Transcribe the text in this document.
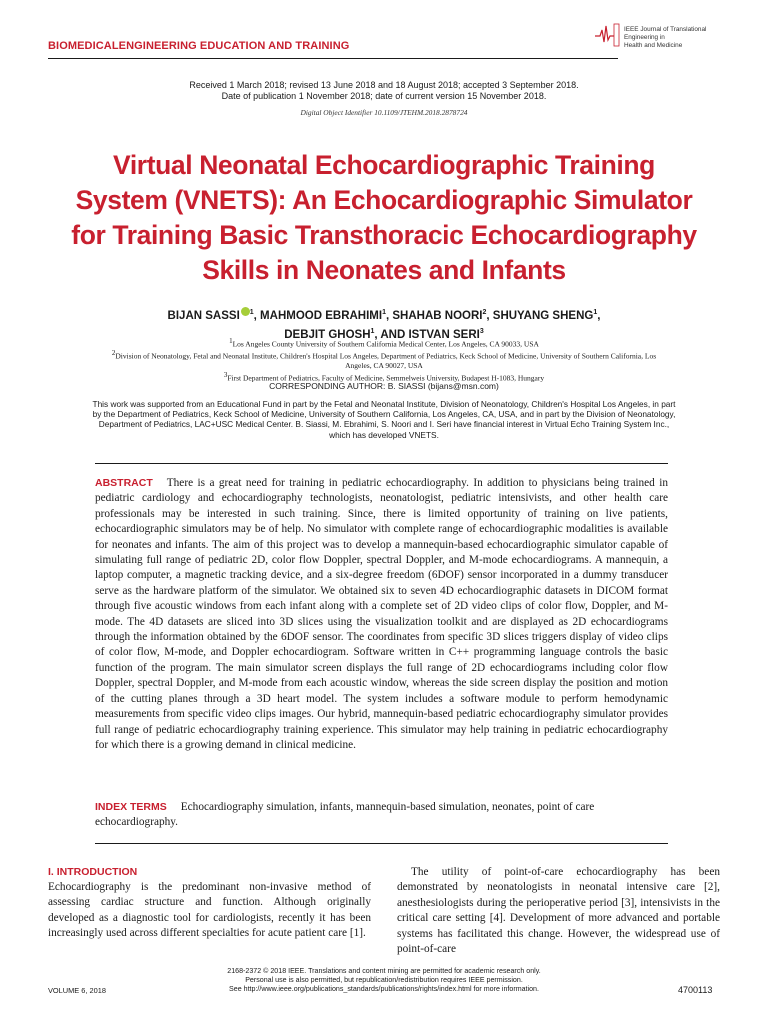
BIOMEDICALENGINEERING EDUCATION AND TRAINING
IEEE Journal of Translational
Engineering in
Health and Medicine
Received 1 March 2018; revised 13 June 2018 and 18 August 2018; accepted 3 September 2018.
Date of publication 1 November 2018; date of current version 15 November 2018.
Digital Object Identifier 10.1109/JTEHM.2018.2878724
Virtual Neonatal Echocardiographic Training System (VNETS): An Echocardiographic Simulator for Training Basic Transthoracic Echocardiography Skills in Neonates and Infants
BIJAN SASSI $^1$, MAHMOOD EBRAHIMI$^1$, SHAHAB NOORI$^2$, SHUYANG SHENG$^1$,
DEBJIT GHOSH$^1$, AND ISTVAN SERI$^3$
$^1$Los Angeles County University of Southern California Medical Center, Los Angeles, CA 90033, USA
$^2$Division of Neonatology, Fetal and Neonatal Institute, Children's Hospital Los Angeles, Department of Pediatrics, Keck School of Medicine, University of Southern California, Los Angeles, CA 90027, USA
$^3$First Department of Pediatrics, Faculty of Medicine, Semmelweis University, Budapest H-1083, Hungary
CORRESPONDING AUTHOR: B. SIASSI (bijans@msn.com)
This work was supported from an Educational Fund in part by the Fetal and Neonatal Institute, Division of Neonatology, Children's Hospital Los Angeles, in part by the Department of Pediatrics, Keck School of Medicine, University of Southern California, Los Angeles, CA, USA, and in part by the Division of Neonatology, Department of Pediatrics, LAC+USC Medical Center. B. Siassi, M. Ebrahimi, S. Noori and I. Seri have financial interest in Virtual Echo Training System Inc., which has developed VNETS.
ABSTRACT There is a great need for training in pediatric echocardiography. In addition to physicians being trained in pediatric cardiology and echocardiography technologists, neonatologist, pediatric intensivists, and other health care professionals may be interested in such training. Since, there is limited opportunity of training on live patients, echocardiographic simulators may be of help. No simulator with complete range of echocardiographic modalities is available for neonates and infants. The aim of this project was to develop a mannequin-based echocardiographic simulator capable of simulating full range of pediatric 2D, color flow Doppler, spectral Doppler, and M-mode echocardiograms. A mannequin, a laptop computer, a magnetic tracking device, and a six-degree freedom (6DOF) sensor incorporated in a dummy transducer serve as the hardware platform of the simulator. We obtained six to seven 4D echocardiographic datasets in DICOM format through five acoustic windows from each infant along with a complete set of 2D video clips of color flow, Doppler, and M-mode. The 4D datasets are sliced into 3D slices using the visualization toolkit and are displayed as 2D echocardiograms through the information obtained by the 6DOF sensor. The coordinates from specific 3D slices triggers display of video clips of color flow, M-mode, and Doppler echocardiogram. Software written in C++ programming language controls the basic function of the program. The main simulator screen displays the full range of 2D echocardiograms including color flow Doppler, spectral Doppler, and M-mode from each acoustic window, whereas the side screen display the position and motion of the cutting planes through a 3D heart model. The system includes a software module to perform hemodynamic measurements from specific video clips images. Our hybrid, mannequin-based pediatric echocardiography simulator provides full range of pediatric echocardiography training experience. This simulator may help training in pediatric echocardiography for which there is a growing demand in clinical medicine.
INDEX TERMS Echocardiography simulation, infants, mannequin-based simulation, neonates, point of care echocardiography.
I. INTRODUCTION
Echocardiography is the predominant non-invasive method of assessing cardiac structure and function. Although originally developed as a diagnostic tool for cardiologists, recently it has been increasingly used across different specialties for acute patient care [1].
The utility of point-of-care echocardiography has been demonstrated by neonatologists in neonatal intensive care [2], anesthesiologists during the perioperative period [3], intensivists in the critical care setting [4]. Development of more advanced and portable systems has facilitated this change. However, the widespread use of point-of-care
2168-2372 © 2018 IEEE. Translations and content mining are permitted for academic research only.
Personal use is also permitted, but republication/redistribution requires IEEE permission.
See http://www.ieee.org/publications_standards/publications/rights/index.html for more information.
VOLUME 6, 2018	4700113
